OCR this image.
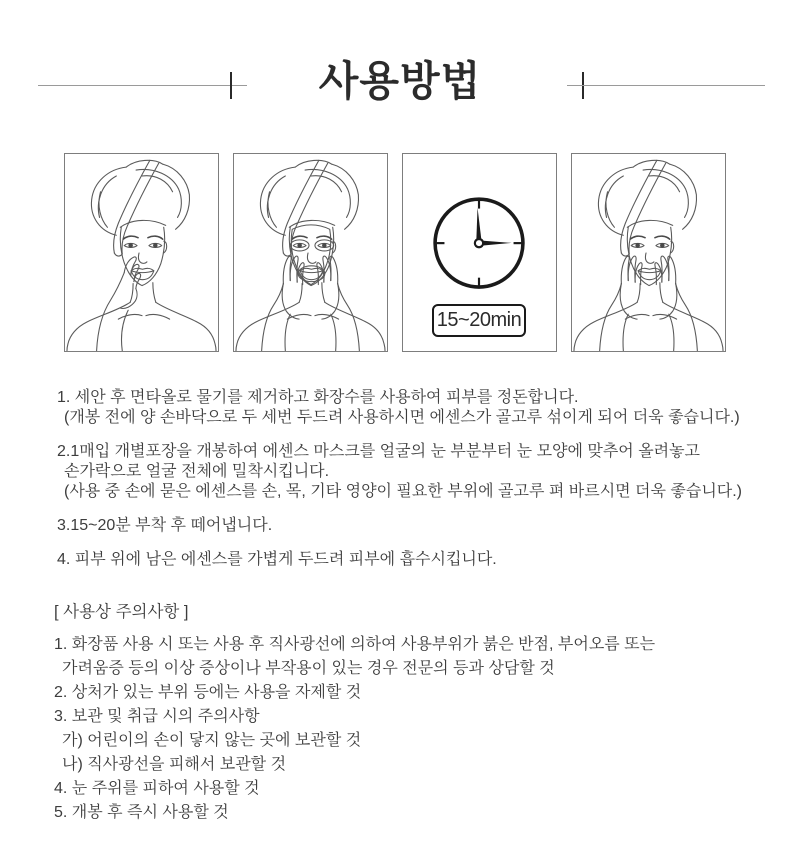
사용방법
15~20min
1. 세안 후 면타올로 물기를 제거하고 화장수를 사용하여 피부를 정돈합니다.
(개봉 전에 양 손바닥으로 두 세번 두드려 사용하시면 에센스가 골고루 섞이게 되어 더욱 좋습니다.)
2.1매입 개별포장을 개봉하여 에센스 마스크를 얼굴의 눈 부분부터 눈 모양에 맞추어 올려놓고
손가락으로 얼굴 전체에 밀착시킵니다.
(사용 중 손에 묻은 에센스를 손, 목, 기타 영양이 필요한 부위에 골고루 펴 바르시면 더욱 좋습니다.)
3.15~20분 부착 후 떼어냅니다.
4. 피부 위에 남은 에센스를 가볍게 두드려 피부에 흡수시킵니다.
[ 사용상 주의사항 ]
1. 화장품 사용 시 또는 사용 후 직사광선에 의하여 사용부위가 붉은 반점, 부어오름 또는
가려움증 등의 이상 증상이나 부작용이 있는 경우 전문의 등과 상담할 것
2. 상처가 있는 부위 등에는 사용을 자제할 것
3. 보관 및 취급 시의 주의사항
가) 어린이의 손이 닿지 않는 곳에 보관할 것
나) 직사광선을 피해서 보관할 것
4. 눈 주위를 피하여 사용할 것
5. 개봉 후 즉시 사용할 것
